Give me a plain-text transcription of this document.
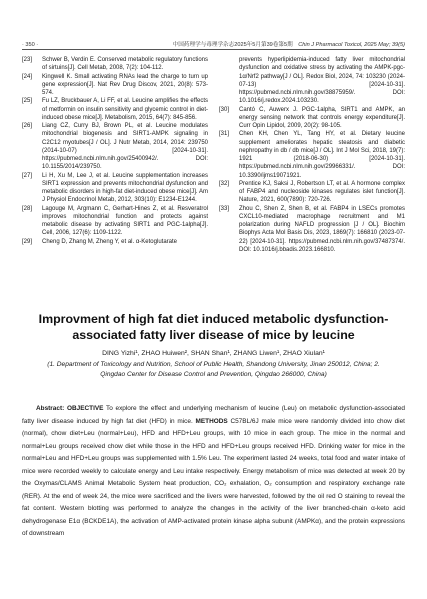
· 350 ·	中国药理学与毒理学杂志2025年5月第39卷第5期 Chin J Pharmacol Toxicol, 2025 May; 39(5)
[23]	Schwer B, Verdin E. Conserved metabolic regulatory functions of sirtuins[J]. Cell Metab, 2008, 7(2): 104-112.
[24]	Kingwell K. Small activating RNAs lead the charge to turn up gene expression[J]. Nat Rev Drug Discov, 2021, 20(8): 573-574.
[25]	Fu LZ, Bruckbauer A, Li FF, et al. Leucine amplifies the effects of metformin on insulin sensitivity and glycemic control in diet-induced obese mice[J]. Metabolism, 2015, 64(7): 845-856.
[26]	Liang CZ, Curry BJ, Brown PL, et al. Leucine modulates mitochondrial biogenesis and SIRT1-AMPK signaling in C2C12 myotubes[J / OL]. J Nutr Metab, 2014, 2014: 239750 (2014-10-07) [2024-10-31]. https://pubmed.ncbi.nlm.nih.gov/25400942/. DOI: 10.1155/2014/239750.
[27]	Li H, Xu M, Lee J, et al. Leucine supplementation increases SIRT1 expression and prevents mitochondrial dysfunction and metabolic disorders in high-fat diet-induced obese mice[J]. Am J Physiol Endocrinol Metab, 2012, 303(10): E1234-E1244.
[28]	Lagouge M, Argmann C, Gerhart-Hines Z, et al. Resveratrol improves mitochondrial function and protects against metabolic disease by activating SIRT1 and PGC-1alpha[J]. Cell, 2006, 127(6): 1109-1122.
[29]	Cheng D, Zhang M, Zheng Y, et al. α-Ketoglutarate
prevents hyperlipidemia-induced fatty liver mitochondrial dysfunction and oxidative stress by activating the AMPK-pgc-1α/Nrf2 pathway[J / OL]. Redox Biol, 2024, 74: 103230 (2024-07-13) [2024-10-31]. https://pubmed.ncbi.nlm.nih.gov/38875959/. DOI: 10.1016/j.redox.2024.103230.
[30]	Cantó C, Auwerx J. PGC-1alpha, SIRT1 and AMPK, an energy sensing network that controls energy expenditure[J]. Curr Opin Lipidol, 2009, 20(2): 98-105.
[31]	Chen KH, Chen YL, Tang HY, et al. Dietary leucine supplement ameliorates hepatic steatosis and diabetic nephropathy in db / db mice[J / OL]. Int J Mol Sci, 2018, 19(7): 1921 (2018-06-30) [2024-10-31]. https://pubmed.ncbi.nlm.nih.gov/29966331/. DOI: 10.3390/ijms19071921.
[32]	Prentice KJ, Saksi J, Robertson LT, et al. A hormone complex of FABP4 and nucleoside kinases regulates islet function[J]. Nature, 2021, 600(7890): 720-726.
[33]	Zhou C, Shen Z, Shen B, et al. FABP4 in LSECs promotes CXCL10-mediated macrophage recruitment and M1 polarization during NAFLD progression [J / OL]. Biochim Biophys Acta Mol Basis Dis, 2023, 1869(7): 166810 (2023-07-22) [2024-10-31]. https://pubmed.ncbi.nlm.nih.gov/37487374/. DOI: 10.1016/j.bbadis.2023.166810.
Improvment of high fat diet induced metabolic dysfunction-associated fatty liver disease of mice by leucine
DING Yizhi¹, ZHAO Huiwen², SHAN Shan¹, ZHANG Liwen¹, ZHAO Xiulan¹
(1. Department of Toxicology and Nutrition, School of Public Health, Shandong University, Jinan 250012, China; 2. Qingdao Center for Disease Control and Prevention, Qingdao 266000, China)
Abstract: OBJECTIVE To explore the effect and underlying mechanism of leucine (Leu) on metabolic dysfunction-associated fatty liver disease induced by high fat diet (HFD) in mice. METHODS C57BL/6J male mice were randomly divided into chow diet (normal), chow diet+Leu (normal+Leu), HFD and HFD+Leu groups, with 10 mice in each group. The mice in the normal and normal+Leu groups received chow diet while those in the HFD and HFD+Leu groups received HFD. Drinking water for mice in the normal+Leu and HFD+Leu groups was supplemented with 1.5% Leu. The experiment lasted 24 weeks, total food and water intake of mice were recorded weekly to calculate energy and Leu intake respectively. Energy metabolism of mice was detected at week 20 by the Oxymas/CLAMS Animal Metabolic System heat production, CO₂ exhalation, O₂ consumption and respiratory exchange rate (RER). At the end of week 24, the mice were sacrificed and the livers were harvested, followed by the oil red O staining to reveal the fat content. Western blotting was performed to analyze the changes in the activity of the liver branched-chain α-keto acid dehydrogenase E1α (BCKDE1A), the activation of AMP-activated protein kinase alpha subunit (AMPKα), and the protein expressions of downstream
